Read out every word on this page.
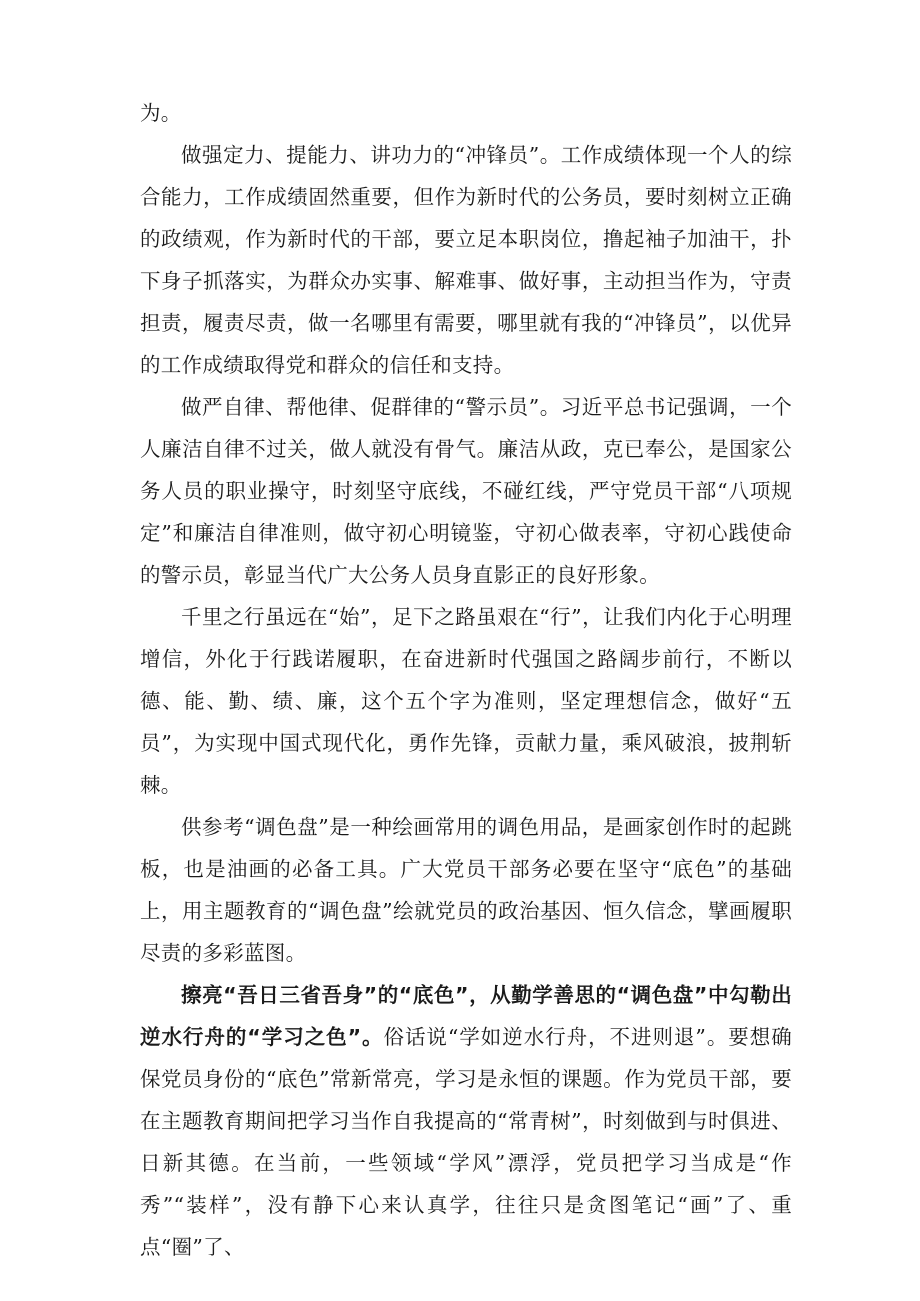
为。

做强定力、提能力、讲功力的“冲锋员”。工作成绩体现一个人的综合能力，工作成绩固然重要，但作为新时代的公务员，要时刻树立正确的政绩观，作为新时代的干部，要立足本职岗位，撸起袖子加油干，扑下身子抓落实，为群众办实事、解难事、做好事，主动担当作为，守责担责，履责尽责，做一名哪里有需要，哪里就有我的“冲锋员”，以优异的工作成绩取得党和群众的信任和支持。

做严自律、帮他律、促群律的“警示员”。习近平总书记强调，一个人廉洁自律不过关，做人就没有骨气。廉洁从政，克已奉公，是国家公务人员的职业操守，时刻坚守底线，不碰红线，严守党员干部“八项规定”和廉洁自律准则，做守初心明镜鉴，守初心做表率，守初心践使命的警示员，彰显当代广大公务人员身直影正的良好形象。

千里之行虽远在“始”，足下之路虽艰在“行”，让我们内化于心明理增信，外化于行践诺履职，在奋进新时代强国之路阔步前行，不断以德、能、勤、绩、廉，这个五个字为准则，坚定理想信念，做好“五员”，为实现中国式现代化，勇作先锋，贡献力量，乘风破浪，披荆斩棘。

供参考“调色盘”是一种绘画常用的调色用品，是画家创作时的起跳板，也是油画的必备工具。广大党员干部务必要在坚守“底色”的基础上，用主题教育的“调色盘”绘就党员的政治基因、恒久信念，擘画履职尽责的多彩蓝图。

擦亮“吾日三省吾身”的“底色”，从勤学善思的“调色盘”中勾勒出逆水行舟的“学习之色”。俗话说“学如逆水行舟，不进则退”。要想确保党员身份的“底色”常新常亮，学习是永恒的课题。作为党员干部，要在主题教育期间把学习当作自我提高的“常青树”，时刻做到与时俱进、日新其德。在当前，一些领域“学风”漂浮，党员把学习当成是“作秀”“装样”，没有静下心来认真学，往往只是贪图笔记“画”了、重点“圈”了、
